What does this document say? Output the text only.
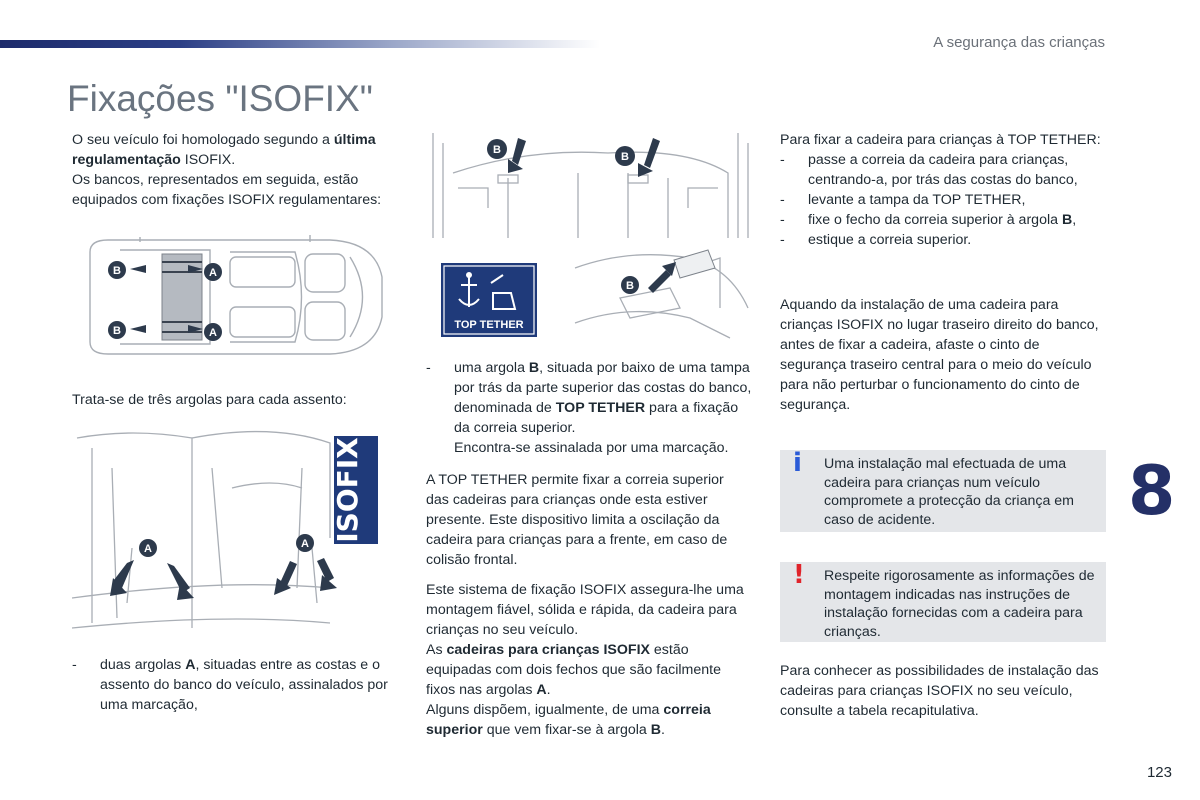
A segurança das crianças
Fixações "ISOFIX"

O seu veículo foi homologado segundo a última regulamentação ISOFIX.

Os bancos, representados em seguida, estão equipados com fixações ISOFIX regulamentares:

B
B
A
A
Trata-se de três argolas para cada assento:
A	A
ISOFIX
-	duas argolas A, situadas entre as costas e o assento do banco do veículo, assinalados por uma marcação,
B
B
TOP TETHER
B
-	uma argola B, situada por baixo de uma tampa por trás da parte superior das costas do banco, denominada de TOP TETHER para a fixação da correia superior.
Encontra-se assinalada por uma marcação.
A TOP TETHER permite fixar a correia superior das cadeiras para crianças onde esta estiver presente. Este dispositivo limita a oscilação da cadeira para crianças para a frente, em caso de colisão frontal.

Este sistema de fixação ISOFIX assegura-lhe uma montagem fiável, sólida e rápida, da cadeira para crianças no seu veículo.

As cadeiras para crianças ISOFIX estão equipadas com dois fechos que são facilmente fixos nas argolas A.

Alguns dispõem, igualmente, de uma correia superior que vem fixar-se à argola B.

Para fixar a cadeira para crianças à TOP TETHER:

-	passe a correia da cadeira para crianças, centrando-a, por trás das costas do banco,
-	levante a tampa da TOP TETHER,
-	fixe o fecho da correia superior à argola B,
-	estique a correia superior.
Aquando da instalação de uma cadeira para crianças ISOFIX no lugar traseiro direito do banco, antes de fixar a cadeira, afaste o cinto de segurança traseiro central para o meio do veículo para não perturbar o funcionamento do cinto de segurança.
i Uma instalação mal efectuada de uma cadeira para crianças num veículo compromete a protecção da criança em caso de acidente.
! Respeite rigorosamente as informações de montagem indicadas nas instruções de instalação fornecidas com a cadeira para crianças.
Para conhecer as possibilidades de instalação das cadeiras para crianças ISOFIX no seu veículo, consulte a tabela recapitulativa.
8
123
